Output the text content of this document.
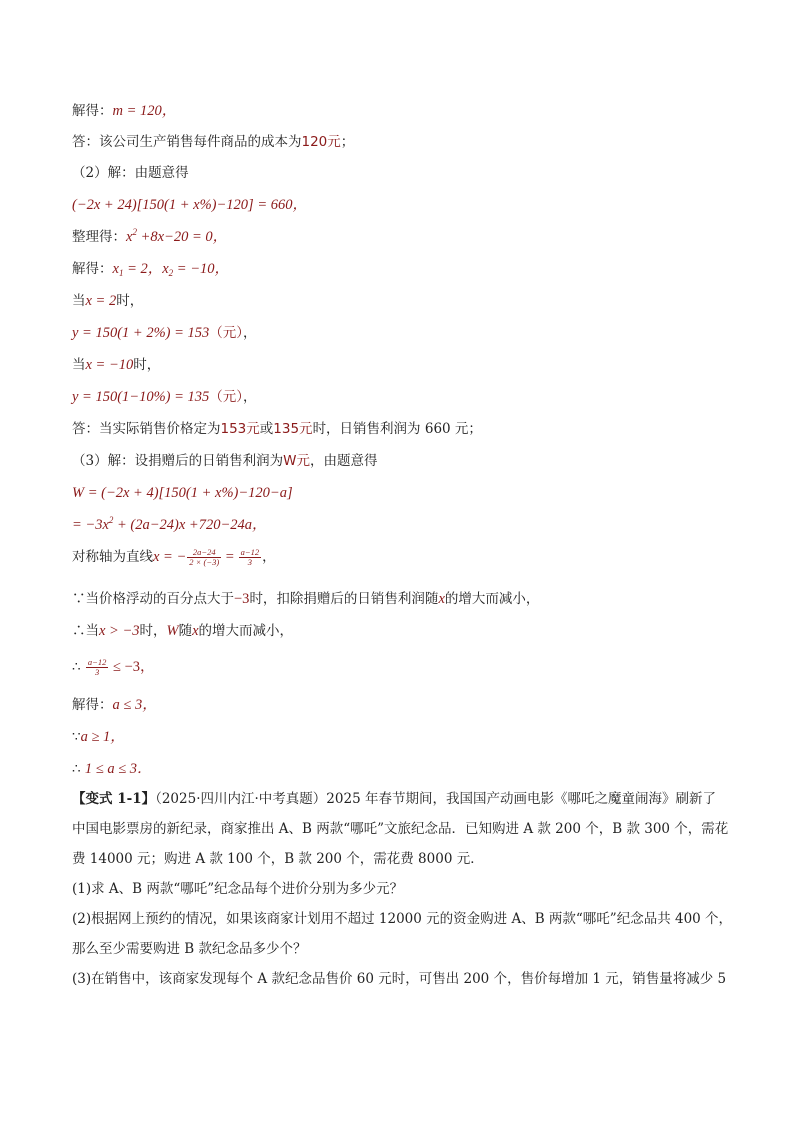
解得：m = 120，
答：该公司生产销售每件商品的成本为120元；
（2）解：由题意得
(−2x + 24)[150(1 + x%)−120] = 660，
整理得：$x^2 +8x-20 = 0$，
解得：$x_1 = 2$，$x_2 = -10$，
当x = 2时，
y = 150(1 + 2%) = 153（元），
当x = −10时，
y = 150(1−10%) = 135（元），
答：当实际销售价格定为153元或135元时，日销售利润为 660 元；
（3）解：设捐赠后的日销售利润为W元，由题意得
W = (−2x + 4)[150(1 + x%)−120−a]
= $-3x^2 + (2a-24)x +720-24a$，
对称轴为直线x = − $\frac{2a-24}{2 \times (-3)} = \frac{a-12}{3}$ ，
∵当价格浮动的百分点大于−3时，扣除捐赠后的日销售利润随x的增大而减小，
∴当x > −3时，W随x的增大而减小，
∴ $\frac{a-12}{3} \le -3$，
解得：a ≤ 3，
∵a ≥ 1，
∴ 1 ≤ a ≤ 3．
【变式 1-1】（2025·四川内江·中考真题）2025 年春节期间，我国国产动画电影《哪吒之魔童闹海》刷新了
中国电影票房的新纪录，商家推出 A、B 两款“哪吒”文旅纪念品．已知购进 A 款 200 个，B 款 300 个，需花
费 14000 元；购进 A 款 100 个，B 款 200 个，需花费 8000 元．
(1)求 A、B 两款“哪吒”纪念品每个进价分别为多少元？
(2)根据网上预约的情况，如果该商家计划用不超过 12000 元的资金购进 A、B 两款“哪吒”纪念品共 400 个，
那么至少需要购进 B 款纪念品多少个？
(3)在销售中，该商家发现每个 A 款纪念品售价 60 元时，可售出 200 个，售价每增加 1 元，销售量将减少 5
